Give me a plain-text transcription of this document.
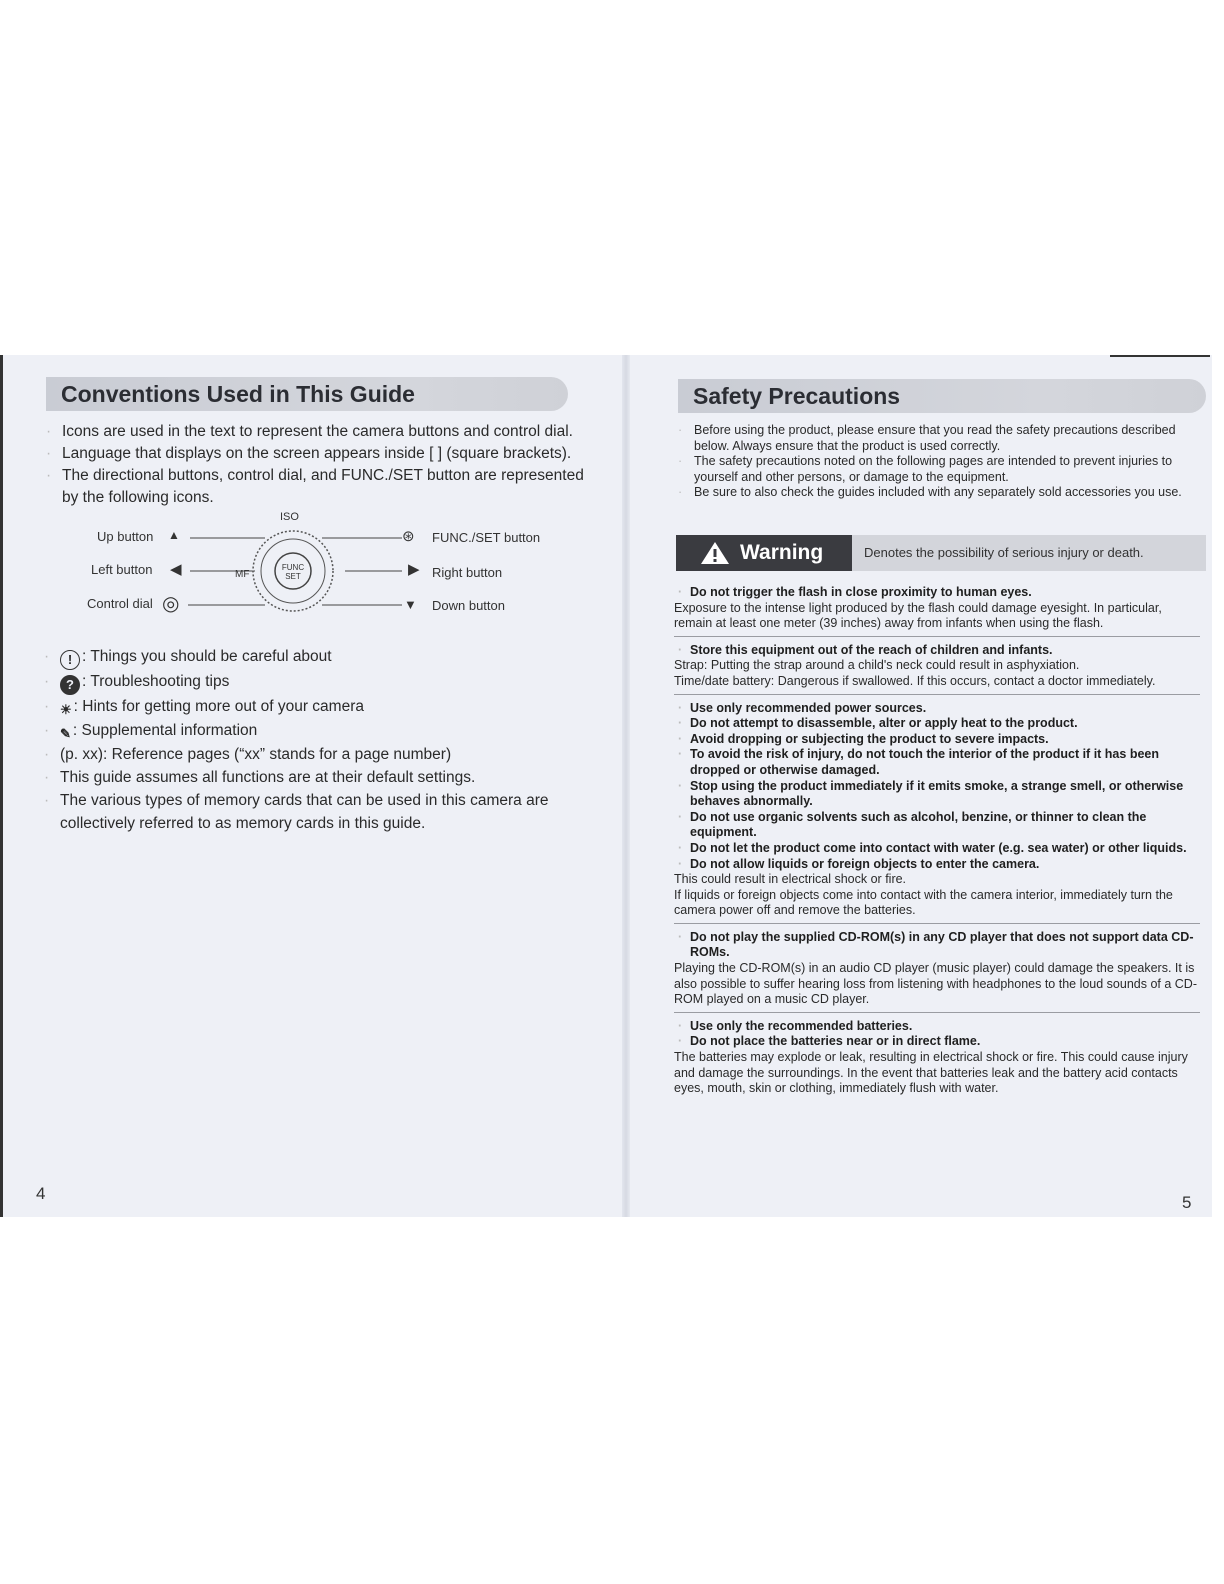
Conventions Used in This Guide
· Icons are used in the text to represent the camera buttons and control dial.
· Language that displays on the screen appears inside [ ] (square brackets).
· The directional buttons, control dial, and FUNC./SET button are represented by the following icons.
Up button ▲
Left button ◀
Control dial ◎
ISO
MF
FUNC SET
⊛ FUNC./SET button
▶ Right button
▼ Down button
· ! : Things you should be careful about
· ? : Troubleshooting tips
· ☀ : Hints for getting more out of your camera
· ✎ : Supplemental information
· (p. xx): Reference pages (“xx” stands for a page number)
· This guide assumes all functions are at their default settings.
· The various types of memory cards that can be used in this camera are collectively referred to as memory cards in this guide.
4
Safety Precautions
· Before using the product, please ensure that you read the safety precautions described below. Always ensure that the product is used correctly.
· The safety precautions noted on the following pages are intended to prevent injuries to yourself and other persons, or damage to the equipment.
· Be sure to also check the guides included with any separately sold accessories you use.
Warning	Denotes the possibility of serious injury or death.

· Do not trigger the flash in close proximity to human eyes.

Exposure to the intense light produced by the flash could damage eyesight. In particular, remain at least one meter (39 inches) away from infants when using the flash.

· Store this equipment out of the reach of children and infants.

Strap: Putting the strap around a child's neck could result in asphyxiation.

Time/date battery: Dangerous if swallowed. If this occurs, contact a doctor immediately.

· Use only recommended power sources.

· Do not attempt to disassemble, alter or apply heat to the product.

· Avoid dropping or subjecting the product to severe impacts.

· To avoid the risk of injury, do not touch the interior of the product if it has been dropped or otherwise damaged.

· Stop using the product immediately if it emits smoke, a strange smell, or otherwise behaves abnormally.

· Do not use organic solvents such as alcohol, benzine, or thinner to clean the equipment.

· Do not let the product come into contact with water (e.g. sea water) or other liquids.

· Do not allow liquids or foreign objects to enter the camera.

This could result in electrical shock or fire.

If liquids or foreign objects come into contact with the camera interior, immediately turn the camera power off and remove the batteries.

· Do not play the supplied CD-ROM(s) in any CD player that does not support data CD-ROMs.

Playing the CD-ROM(s) in an audio CD player (music player) could damage the speakers. It is also possible to suffer hearing loss from listening with headphones to the loud sounds of a CD-ROM played on a music CD player.

· Use only the recommended batteries.

· Do not place the batteries near or in direct flame.

The batteries may explode or leak, resulting in electrical shock or fire. This could cause injury and damage the surroundings. In the event that batteries leak and the battery acid contacts eyes, mouth, skin or clothing, immediately flush with water.

5
